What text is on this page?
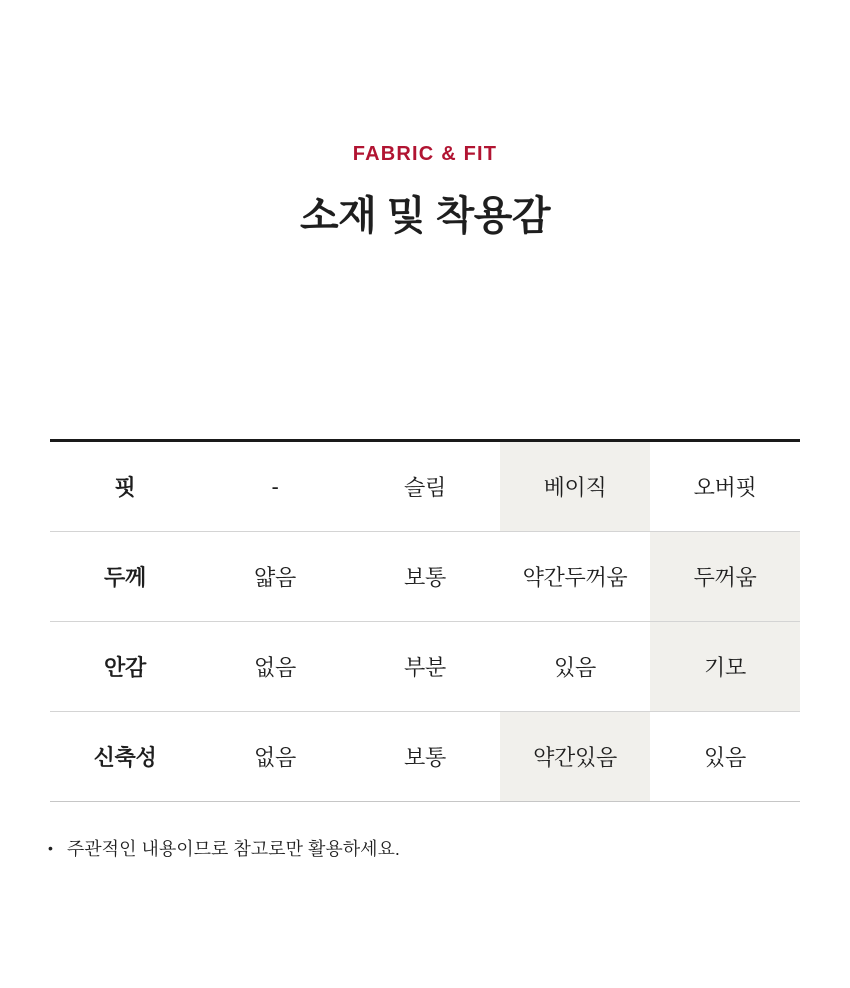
FABRIC & FIT
소재 및 착용감
핏	-	슬림	베이직	오버핏
두께	얇음	보통	약간두꺼움	두꺼움
안감	없음	부분	있음	기모
신축성	없음	보통	약간있음	있음
• 주관적인 내용이므로 참고로만 활용하세요.
